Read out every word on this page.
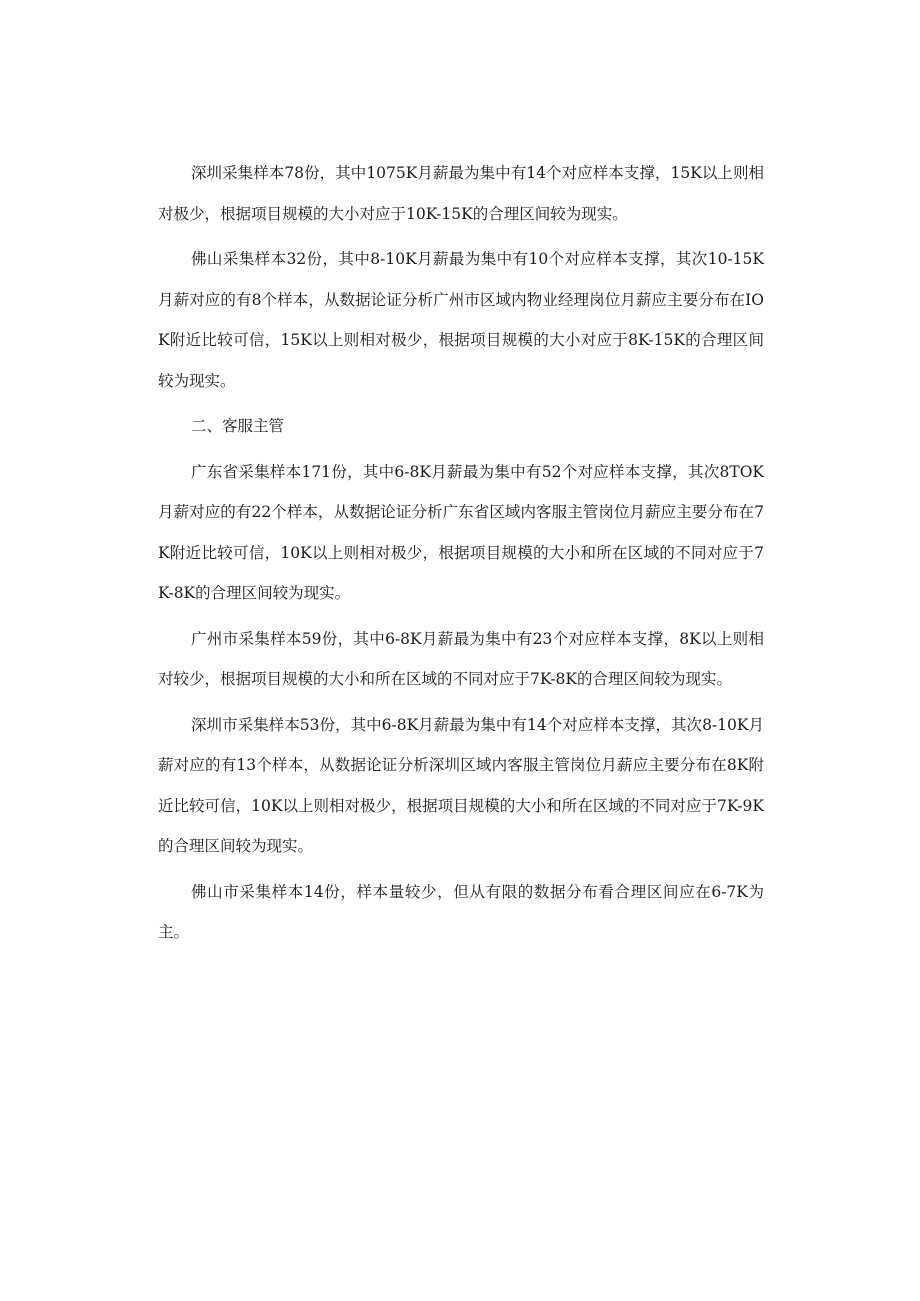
深圳采集样本78份，其中1075K月薪最为集中有14个对应样本支撑，15K以上则相对极少，根据项目规模的大小对应于10K-15K的合理区间较为现实。

佛山采集样本32份，其中8-10K月薪最为集中有10个对应样本支撑，其次10-15K月薪对应的有8个样本，从数据论证分析广州市区域内物业经理岗位月薪应主要分布在IOK附近比较可信，15K以上则相对极少，根据项目规模的大小对应于8K-15K的合理区间较为现实。

二、客服主管

广东省采集样本171份，其中6-8K月薪最为集中有52个对应样本支撑，其次8TOK月薪对应的有22个样本，从数据论证分析广东省区域内客服主管岗位月薪应主要分布在7K附近比较可信，10K以上则相对极少，根据项目规模的大小和所在区域的不同对应于7K-8K的合理区间较为现实。

广州市采集样本59份，其中6-8K月薪最为集中有23个对应样本支撑，8K以上则相对较少，根据项目规模的大小和所在区域的不同对应于7K-8K的合理区间较为现实。

深圳市采集样本53份，其中6-8K月薪最为集中有14个对应样本支撑，其次8-10K月薪对应的有13个样本，从数据论证分析深圳区域内客服主管岗位月薪应主要分布在8K附近比较可信，10K以上则相对极少，根据项目规模的大小和所在区域的不同对应于7K-9K的合理区间较为现实。

佛山市采集样本14份，样本量较少，但从有限的数据分布看合理区间应在6-7K为主。
